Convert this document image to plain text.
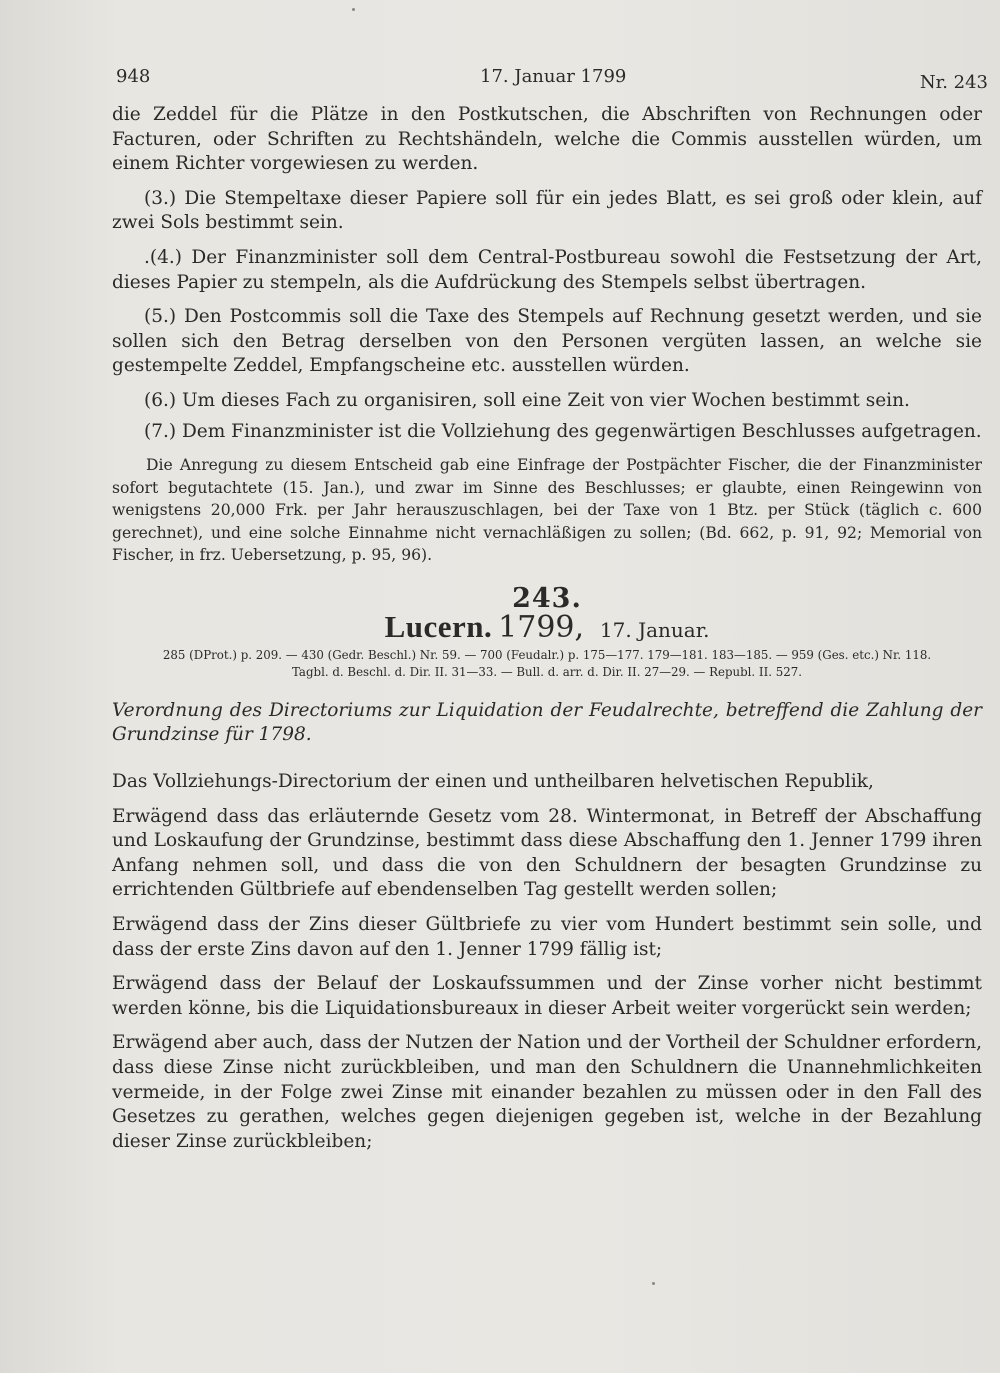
948	17. Januar 1799	Nr. 243

die Zeddel für die Plätze in den Postkutschen, die Abschriften von Rechnungen oder Facturen, oder Schriften zu Rechtshändeln, welche die Commis ausstellen würden, um einem Richter vorgewiesen zu werden.

(3.) Die Stempeltaxe dieser Papiere soll für ein jedes Blatt, es sei groß oder klein, auf zwei Sols bestimmt sein.

.(4.) Der Finanzminister soll dem Central-Postbureau sowohl die Festsetzung der Art, dieses Papier zu stempeln, als die Aufdrückung des Stempels selbst übertragen.

(5.) Den Postcommis soll die Taxe des Stempels auf Rechnung gesetzt werden, und sie sollen sich den Betrag derselben von den Personen vergüten lassen, an welche sie gestempelte Zeddel, Empfangscheine etc. ausstellen würden.

(6.) Um dieses Fach zu organisiren, soll eine Zeit von vier Wochen bestimmt sein.

(7.) Dem Finanzminister ist die Vollziehung des gegenwärtigen Beschlusses aufgetragen.

Die Anregung zu diesem Entscheid gab eine Einfrage der Postpächter Fischer, die der Finanzminister sofort begutachtete (15. Jan.), und zwar im Sinne des Beschlusses; er glaubte, einen Reingewinn von wenigstens 20,000 Frk. per Jahr herauszuschlagen, bei der Taxe von 1 Btz. per Stück (täglich c. 600 gerechnet), und eine solche Einnahme nicht vernachläßigen zu sollen; (Bd. 662, p. 91, 92; Memorial von Fischer, in frz. Uebersetzung, p. 95, 96).

243.
Lucern. 1799, 17. Januar.
285 (DProt.) p. 209. — 430 (Gedr. Beschl.) Nr. 59. — 700 (Feudalr.) p. 175—177. 179—181. 183—185. — 959 (Ges. etc.) Nr. 118.
Tagbl. d. Beschl. d. Dir. II. 31—33. — Bull. d. arr. d. Dir. II. 27—29. — Republ. II. 527.

Verordnung des Directoriums zur Liquidation der Feudalrechte, betreffend die Zahlung der Grundzinse für 1798.

Das Vollziehungs-Directorium der einen und untheilbaren helvetischen Republik,

Erwägend dass das erläuternde Gesetz vom 28. Wintermonat, in Betreff der Abschaffung und Loskaufung der Grundzinse, bestimmt dass diese Abschaffung den 1. Jenner 1799 ihren Anfang nehmen soll, und dass die von den Schuldnern der besagten Grundzinse zu errichtenden Gültbriefe auf ebendenselben Tag gestellt werden sollen;

Erwägend dass der Zins dieser Gültbriefe zu vier vom Hundert bestimmt sein solle, und dass der erste Zins davon auf den 1. Jenner 1799 fällig ist;

Erwägend dass der Belauf der Loskaufssummen und der Zinse vorher nicht bestimmt werden könne, bis die Liquidationsbureaux in dieser Arbeit weiter vorgerückt sein werden;

Erwägend aber auch, dass der Nutzen der Nation und der Vortheil der Schuldner erfordern, dass diese Zinse nicht zurückbleiben, und man den Schuldnern die Unannehmlichkeiten vermeide, in der Folge zwei Zinse mit einander bezahlen zu müssen oder in den Fall des Gesetzes zu gerathen, welches gegen diejenigen gegeben ist, welche in der Bezahlung dieser Zinse zurückbleiben;
